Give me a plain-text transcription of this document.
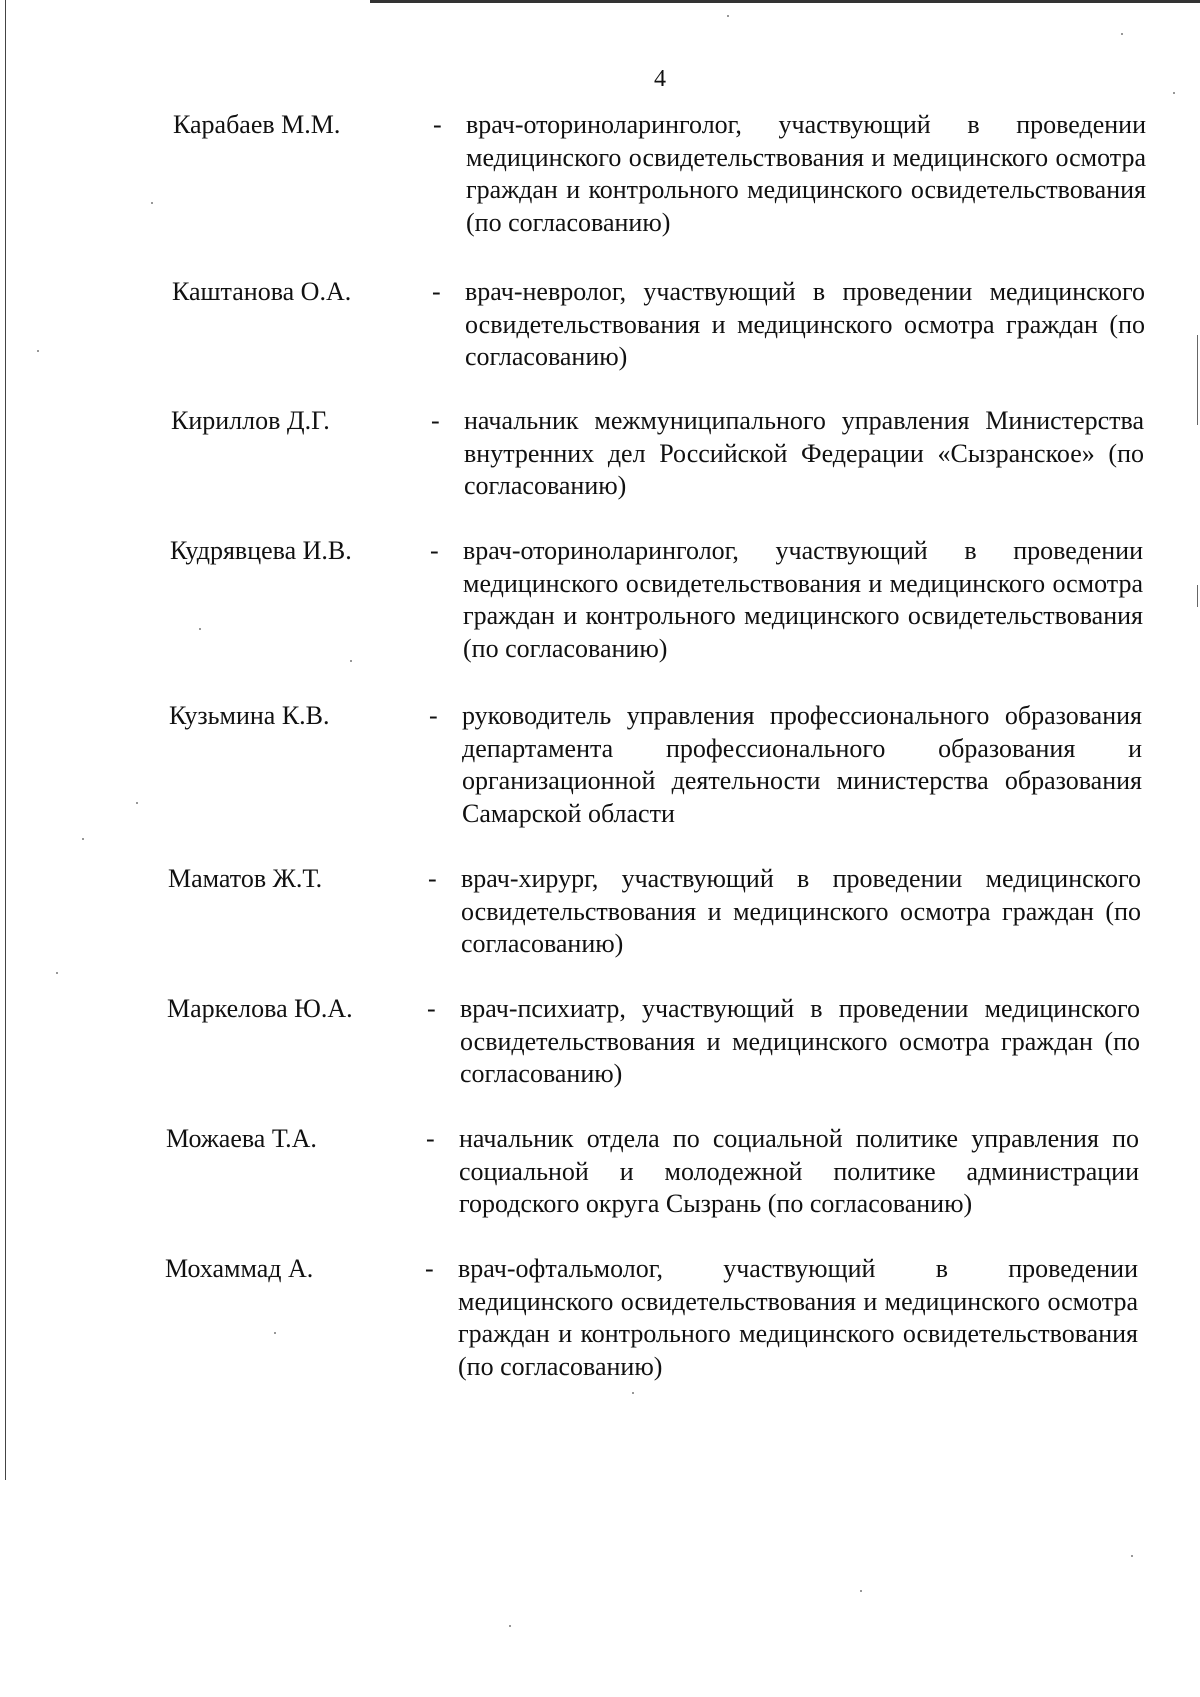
4
Карабаев М.М.	- врач-оториноларинголог, участвующий в проведении медицинского освидетельствования и медицинского осмотра граждан и контрольного медицинского освидетельствования (по согласованию)
Каштанова О.А.	- врач-невролог, участвующий в проведении медицинского освидетельствования и медицинского осмотра граждан (по согласованию)
Кириллов Д.Г.	- начальник межмуниципального управления Министерства внутренних дел Российской Федерации «Сызранское» (по согласованию)
Кудрявцева И.В.	- врач-оториноларинголог, участвующий в проведении медицинского освидетельствования и медицинского осмотра граждан и контрольного медицинского освидетельствования (по согласованию)
Кузьмина К.В.	- руководитель управления профессионального образования департамента профессионального образования и организационной деятельности министерства образования Самарской области
Маматов Ж.Т.	- врач-хирург, участвующий в проведении медицинского освидетельствования и медицинского осмотра граждан (по согласованию)
Маркелова Ю.А.	- врач-психиатр, участвующий в проведении медицинского освидетельствования и медицинского осмотра граждан (по согласованию)
Можаева Т.А.	- начальник отдела по социальной политике управления по социальной и молодежной политике администрации городского округа Сызрань (по согласованию)
Мохаммад А.	- врач-офтальмолог, участвующий в проведении медицинского освидетельствования и медицинского осмотра граждан и контрольного медицинского освидетельствования (по согласованию)
